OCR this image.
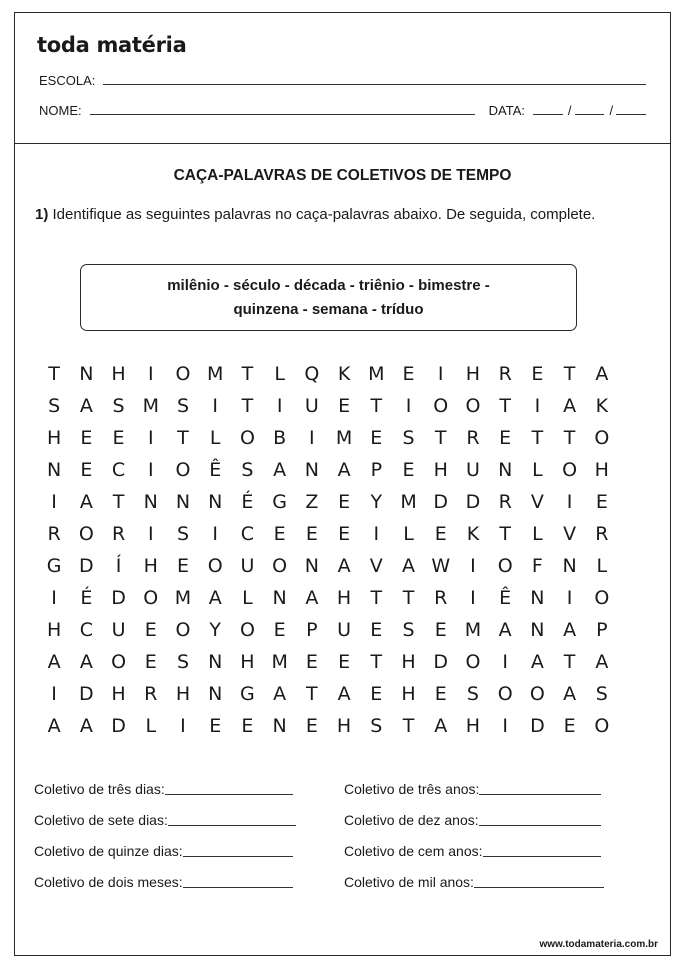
toda matéria
ESCOLA:
NOME:	DATA:	/	/
CAÇA-PALAVRAS DE COLETIVOS DE TEMPO
1) Identifique as seguintes palavras no caça-palavras abaixo. De seguida, complete.
milênio - século - década - triênio - bimestre -
quinzena - semana - tríduo
T	N H	I	O M T	L	Q K M E	I	H R	E	T	A
S	A	S M S	I	T	I	U	E	T	I	O O T	I	A	K
H	E	E	I	T	L	O B	I	M E	S	T	R	E	T	T O
N	E	C	I	O Ê	S	A N A	P	E	H U N	L	O H
I	A	T	N N N	É G Z	E	Y M D D R	V	I	E
R O R	I	S	I	C	E	E	E	I	L	E	K	T	L	V	R
G D	Í	H	E O U O N A	V	A W	I	O	F	N	L
I	É D O M A	L	N A H	T	T	R	I	Ê	N	I	O
H C U	E O Y O E	P	U	E	S	E M A N A	P
A	A O E	S	N H M E	E	T	H D O	I	A	T	A
I	D H R H N G A	T	A	E	H	E	S O O A	S
A	A D	L	I	E	E	N	E	H	S	T	A H	I	D E O
Coletivo de três dias:	Coletivo de três anos:
Coletivo de sete dias:	Coletivo de dez anos:
Coletivo de quinze dias:	Coletivo de cem anos:
Coletivo de dois meses:	Coletivo de mil anos:
www.todamateria.com.br
